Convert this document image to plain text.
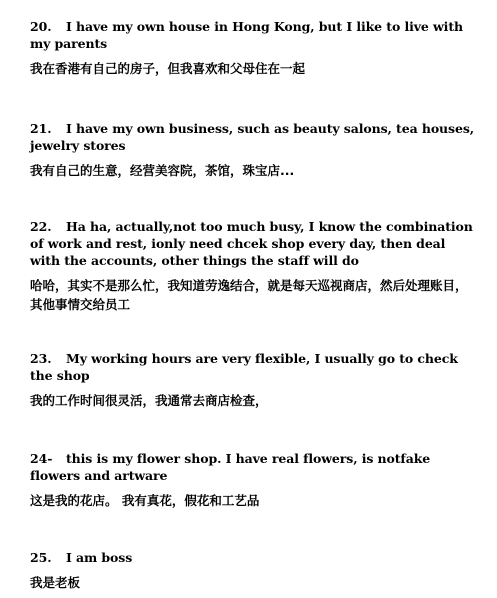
20. I have my own house in Hong Kong, but I like to live with my parents
我在香港有自己的房子，但我喜欢和父母住在一起
21. I have my own business, such as beauty salons, tea houses, jewelry stores
我有自己的生意，经营美容院，茶馆，珠宝店...
22. Ha ha, actually,not too much busy, I know the combination of work and rest, ionly need chcek shop every day, then deal with the accounts, other things the staff will do
哈哈，其实不是那么忙，我知道劳逸结合，就是每天巡视商店，然后处理账目，其他事情交给员工
23. My working hours are very flexible, I usually go to check the shop
我的工作时间很灵活，我通常去商店检查，
24- this is my flower shop. I have real flowers, is notfake flowers and artware
这是我的花店。 我有真花，假花和工艺品
25. I am boss
我是老板
